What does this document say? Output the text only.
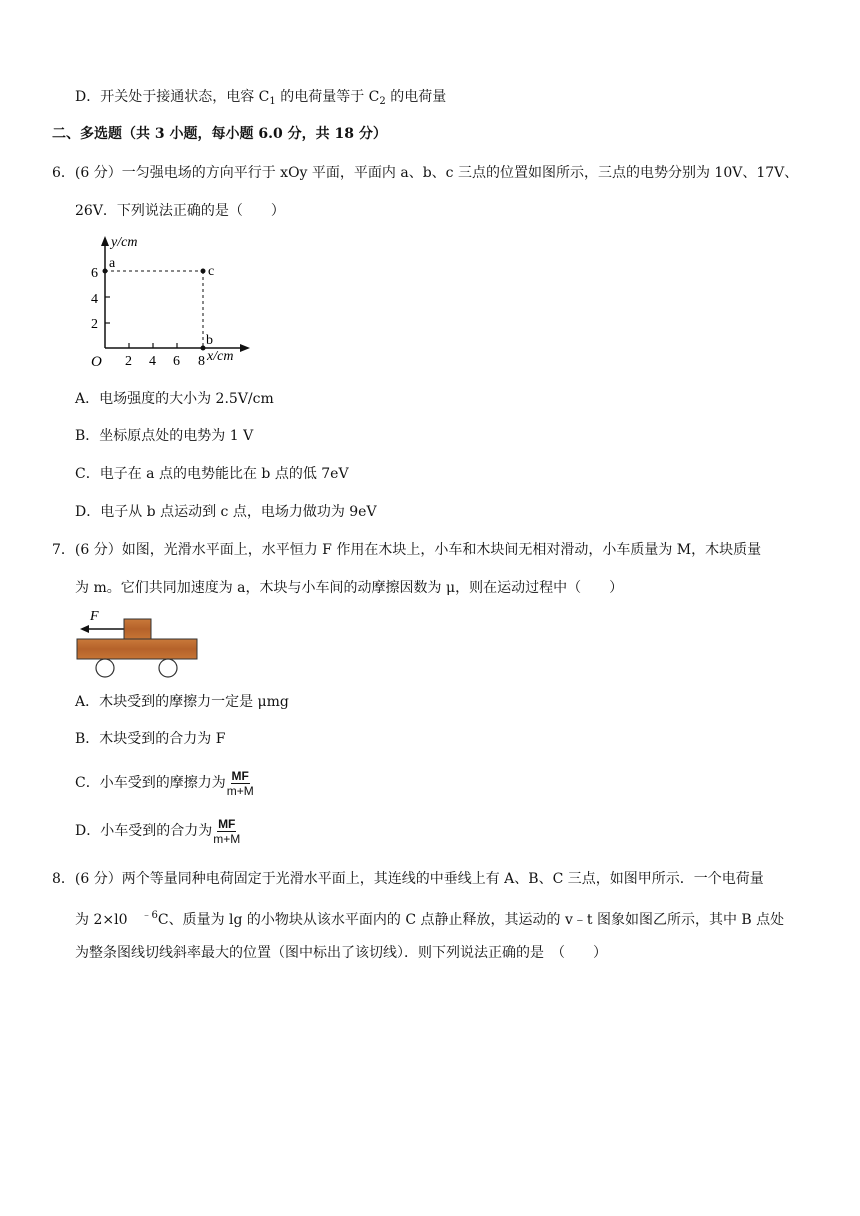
D．开关处于接通状态，电容 $C_1$ 的电荷量等于 $C_2$ 的电荷量
二、多选题（共 3 小题，每小题 6.0 分，共 18 分）
6．(6 分）一匀强电场的方向平行于 xOy 平面，平面内 a、b、c 三点的位置如图所示，三点的电势分别为 10V、17V、
26V．下列说法正确的是（　　）
y/cm
x/cm
O 2 4 6 8
2
4
6
a
b
c
A．电场强度的大小为 2.5V/cm
B．坐标原点处的电势为 1 V
C．电子在 a 点的电势能比在 b 点的低 7eV
D．电子从 b 点运动到 c 点，电场力做功为 9eV
7．(6 分）如图，光滑水平面上，水平恒力 F 作用在木块上，小车和木块间无相对滑动，小车质量为 M，木块质量
为 m。它们共同加速度为 a，木块与小车间的动摩擦因数为 μ，则在运动过程中（　　）
F
A．木块受到的摩擦力一定是 μmg
B．木块受到的合力为 F
C．小车受到的摩擦力为 $\frac{MF}{m+M}$
D．小车受到的合力为 $\frac{MF}{m+M}$
8．(6 分）两个等量同种电荷固定于光滑水平面上，其连线的中垂线上有 A、B、C 三点，如图甲所示．一个电荷量
为 2×l0　$^{﹣6}$C、质量为 lg 的小物块从该水平面内的 C 点静止释放，其运动的 v﹣t 图象如图乙所示，其中 B 点处
为整条图线切线斜率最大的位置（图中标出了该切线）．则下列说法正确的是　（　　）
